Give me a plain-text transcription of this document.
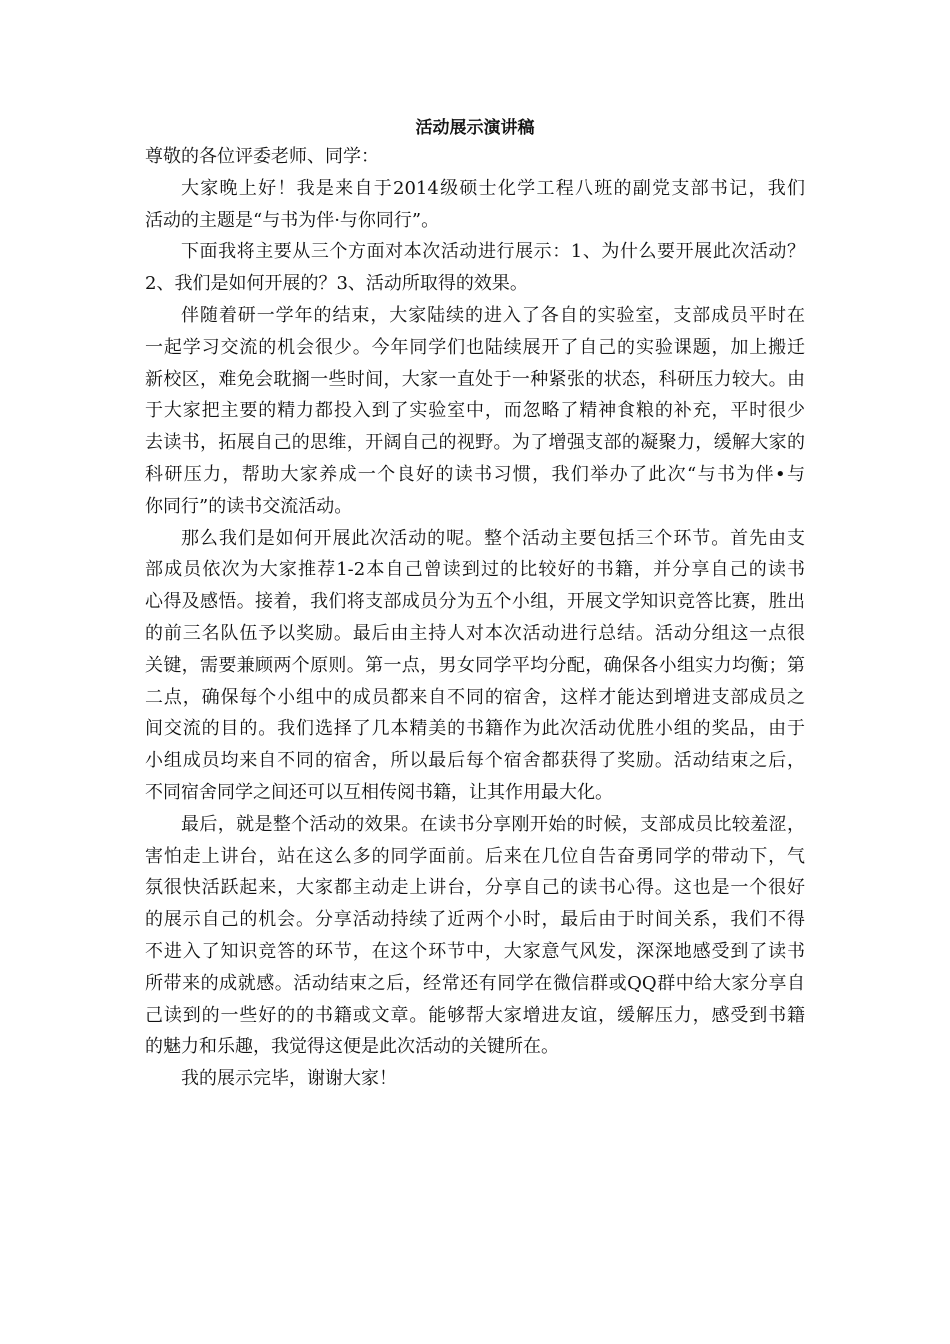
活动展示演讲稿
尊敬的各位评委老师、同学：
大家晚上好！我是来自于2014级硕士化学工程八班的副党支部书记，我们
活动的主题是“与书为伴·与你同行”。
下面我将主要从三个方面对本次活动进行展示：1、为什么要开展此次活动？
2、我们是如何开展的？3、活动所取得的效果。
伴随着研一学年的结束，大家陆续的进入了各自的实验室，支部成员平时在
一起学习交流的机会很少。今年同学们也陆续展开了自己的实验课题，加上搬迁
新校区，难免会耽搁一些时间，大家一直处于一种紧张的状态，科研压力较大。由
于大家把主要的精力都投入到了实验室中，而忽略了精神食粮的补充，平时很少
去读书，拓展自己的思维，开阔自己的视野。为了增强支部的凝聚力，缓解大家的
科研压力，帮助大家养成一个良好的读书习惯，我们举办了此次“与书为伴•与
你同行”的读书交流活动。
那么我们是如何开展此次活动的呢。整个活动主要包括三个环节。首先由支
部成员依次为大家推荐1-2本自己曾读到过的比较好的书籍，并分享自己的读书
心得及感悟。接着，我们将支部成员分为五个小组，开展文学知识竞答比赛，胜出
的前三名队伍予以奖励。最后由主持人对本次活动进行总结。活动分组这一点很
关键，需要兼顾两个原则。第一点，男女同学平均分配，确保各小组实力均衡；第
二点，确保每个小组中的成员都来自不同的宿舍，这样才能达到增进支部成员之
间交流的目的。我们选择了几本精美的书籍作为此次活动优胜小组的奖品，由于
小组成员均来自不同的宿舍，所以最后每个宿舍都获得了奖励。活动结束之后，
不同宿舍同学之间还可以互相传阅书籍，让其作用最大化。
最后，就是整个活动的效果。在读书分享刚开始的时候，支部成员比较羞涩，
害怕走上讲台，站在这么多的同学面前。后来在几位自告奋勇同学的带动下，气
氛很快活跃起来，大家都主动走上讲台，分享自己的读书心得。这也是一个很好
的展示自己的机会。分享活动持续了近两个小时，最后由于时间关系，我们不得
不进入了知识竞答的环节，在这个环节中，大家意气风发，深深地感受到了读书
所带来的成就感。活动结束之后，经常还有同学在微信群或QQ群中给大家分享自
己读到的一些好的的书籍或文章。能够帮大家增进友谊，缓解压力，感受到书籍
的魅力和乐趣，我觉得这便是此次活动的关键所在。
我的展示完毕，谢谢大家！
